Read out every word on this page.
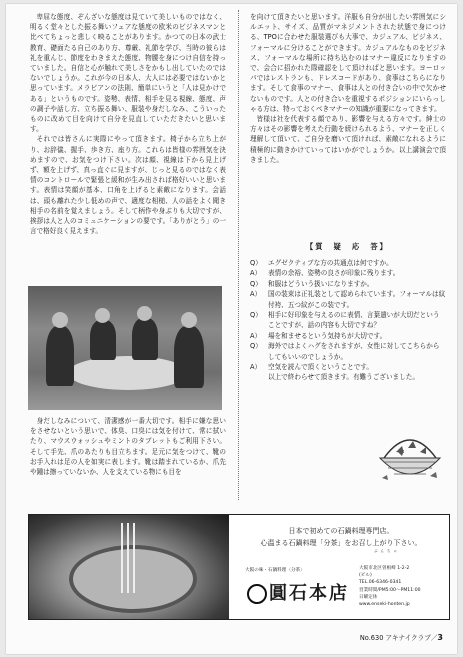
卑屈な態度、ぞんざいな態度は見ていて美しいものではなく、明るく堂々とした振る舞いフェアな態度の欧米のビジネスマンと比べてちょっと悲しく映ることがあります。かつての日本の武士教育、礎面たる自己のあり方、尊厳、礼節を学び、当時の彼らは礼を重んじ、節度をわきまえた態度、物腰を身につけ自信を持っていました。自信と心が触れて美しさをかもし出していたのではないでしょうか。これが今の日本人、大人には必要ではないかと思っています。メラビアンの法則、簡単にいうと「人は見かけである」というものです。姿勢、表情、相手を見る視線、態度、声の調子や話し方、立ち振る舞い、服装や身だしなみ、こういったものに改めて目を向けて自分を見直していただきたいと思います。

それでは皆さんに実際にやって頂きます。椅子から立ち上がり、お辞儀、握手、歩き方、座り方。これらは皆様の雰囲気を決めますので、お気をつけ下さい。次は顔、視線は下から見上げず、額を上げず、真っ直ぐに見ますが、じっと見るのではなく表情のコントロールで緊張と緩和が生み出されば格好いいと思います。表情は笑顔が基本、口角を上げると素敵になります。会話は、頭も離れた少し低めの声で、適度な相槌、人の話をよく聞き相手の名前を覚えましょう。そして柄作や身ぶりも大切ですが、挨拶は人と人のコミュニケーションの要です。「ありがとう」の一言で格好良く見えます。

身だしなみについて、清潔感が一番大切です。相手に嫌な思いをさせないという思いで、体臭、口臭には気を付けて、常に拭いたり、マウスウォッシュやミントのタブレットもご利用下さい。そして手先、爪のあたりも目立ちます。足元に気をつけて、靴のお手入れは足の人を如実に表します。靴は踏まれているか、爪先や踵は擦っていないか、人を支えている物にも目を

を向けて頂きたいと思います。洋服も自分が出したい雰囲気にシルエット、サイズ、品質がマネジメントされた状態で身につける、TPOに合わせた服装選びも大事で、カジュアル、ビジネス、フォーマルに分けることができます。カジュアルなものをビジネス、フォーマルな場所に持ち込むのはマナー違反になりますので、会合に招かれた際確認をして頂ければと思います。ヨーロッパではレストランも、ドレスコードがあり、食事はこちらになります。そして食事のマナー、食事は人との付き合いの中で欠かせないものです。人との付き合いを重視するポジションにいらっしゃる方は、特っておくべきマナーの知識が重要になってきます。

皆様は社を代表する顔であり、影響を与える方々です。紳士の方々はその影響を考えた行動を続けられるよう、マナーを正しく理解して頂いて、ご自分を磨いて頂ければ、素敵になれるように積極的に動きかけていってはいかがでしょうか。以上講演会で頂きました。

【質　疑　応　答】
Q） エグゼクティブな方の共通点は何ですか。
A）	表情の余裕、姿勢の良さが印象に残ります。
Q） 和服はどういう扱いになりますか。
A）	国の装束は正礼装として認められています。フォーマルは紋付袴、五つ紋がこの装です。
Q） 相手に好印象を与えるのに表情、言葉遣いが大切だということですが、話の内容も大切ですね？
A）	場を和ませるという気持ちが大切です。
Q） 海外ではよくハグをされますが、女性に対してこちらからしてもいいのでしょうか。
A）	空気を読んで頂くということです。
以上で終わらせて頂きます。有難うございました。
日本で初めての石鍋料理専門店。
心温まる石鍋料理「分茶」をお召し上がり下さい。
ぶ ん ち ゃ
大阪の味・石鍋料理〈分茶〉
圓石本店
大阪市北区曽根崎 1-2-2
(ビル)
TEL.06-6346-0341
営業時間/PM5:00〜PM11:00
日曜定休
www.enseki-honten.jp
No.630 アキナイクラブ／3
